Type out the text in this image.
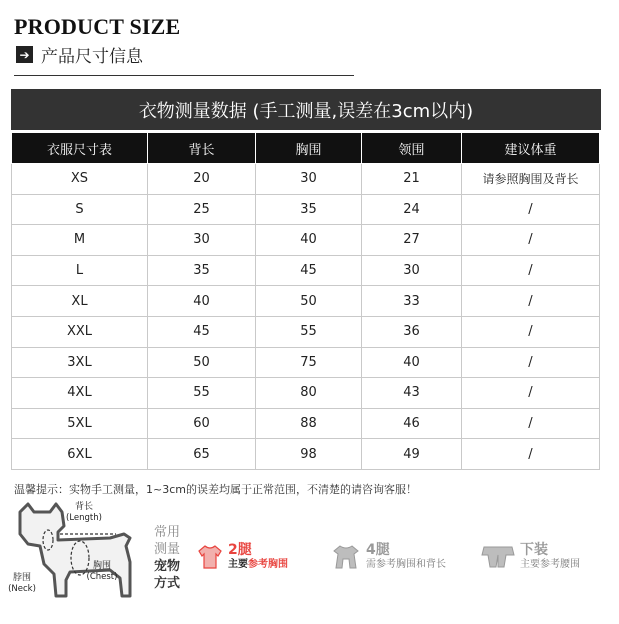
PRODUCT SIZE
➔ 产品尺寸信息
衣物测量数据 (手工测量,误差在3cm以内)
衣服尺寸表	背长	胸围	领围	建议体重
XS	20	30	21	请参照胸围及背长
S	25	35	24	/
M	30	40	27	/
L	35	45	30	/
XL	40	50	33	/
XXL	45	55	36	/
3XL	50	75	40	/
4XL	55	80	43	/
5XL	60	88	46	/
6XL	65	98	49	/
温馨提示：实物手工测量，1~3cm的误差均属于正常范围，不清楚的请咨询客服！
背长
(Length)
胸围
(Chest)
脖围
(Neck)
常用
测量
宠物
方式
2腿
主要参考胸围
4腿
需参考胸围和背长
下装
主要参考腰围
